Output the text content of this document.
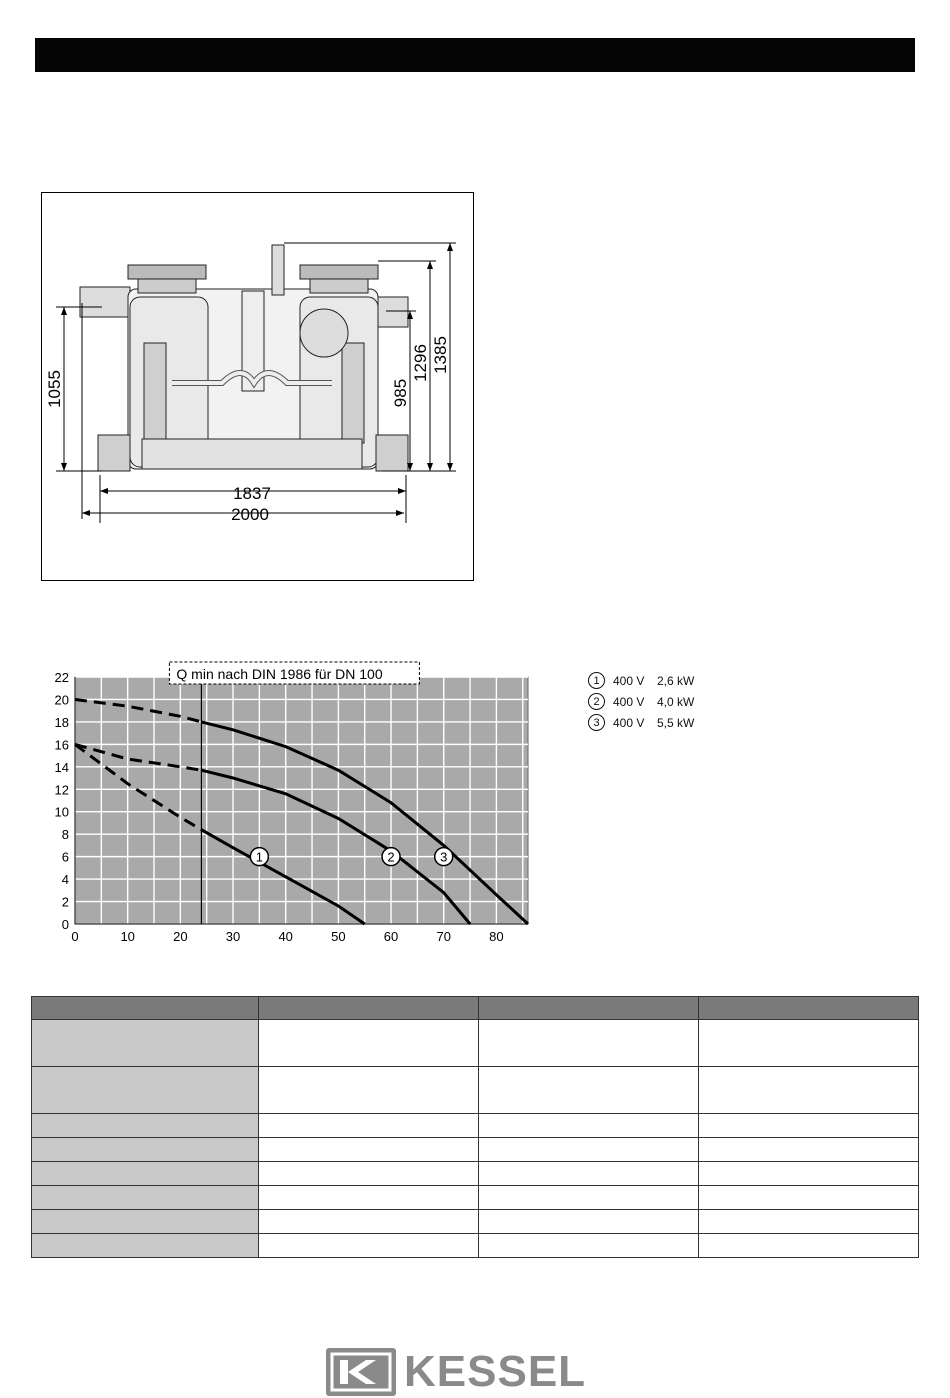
1055	985
1296 1385
1837
2000
0
2
4
6
8
10
12
14
16
18
20
22
0	10	20	30	40	50	60	70	80
Q min nach DIN 1986 für DN 100
1	2	3
1	400 V	2,6 kW
2	400 V	4,0 kW
3	400 V	5,5 kW

KESSEL
